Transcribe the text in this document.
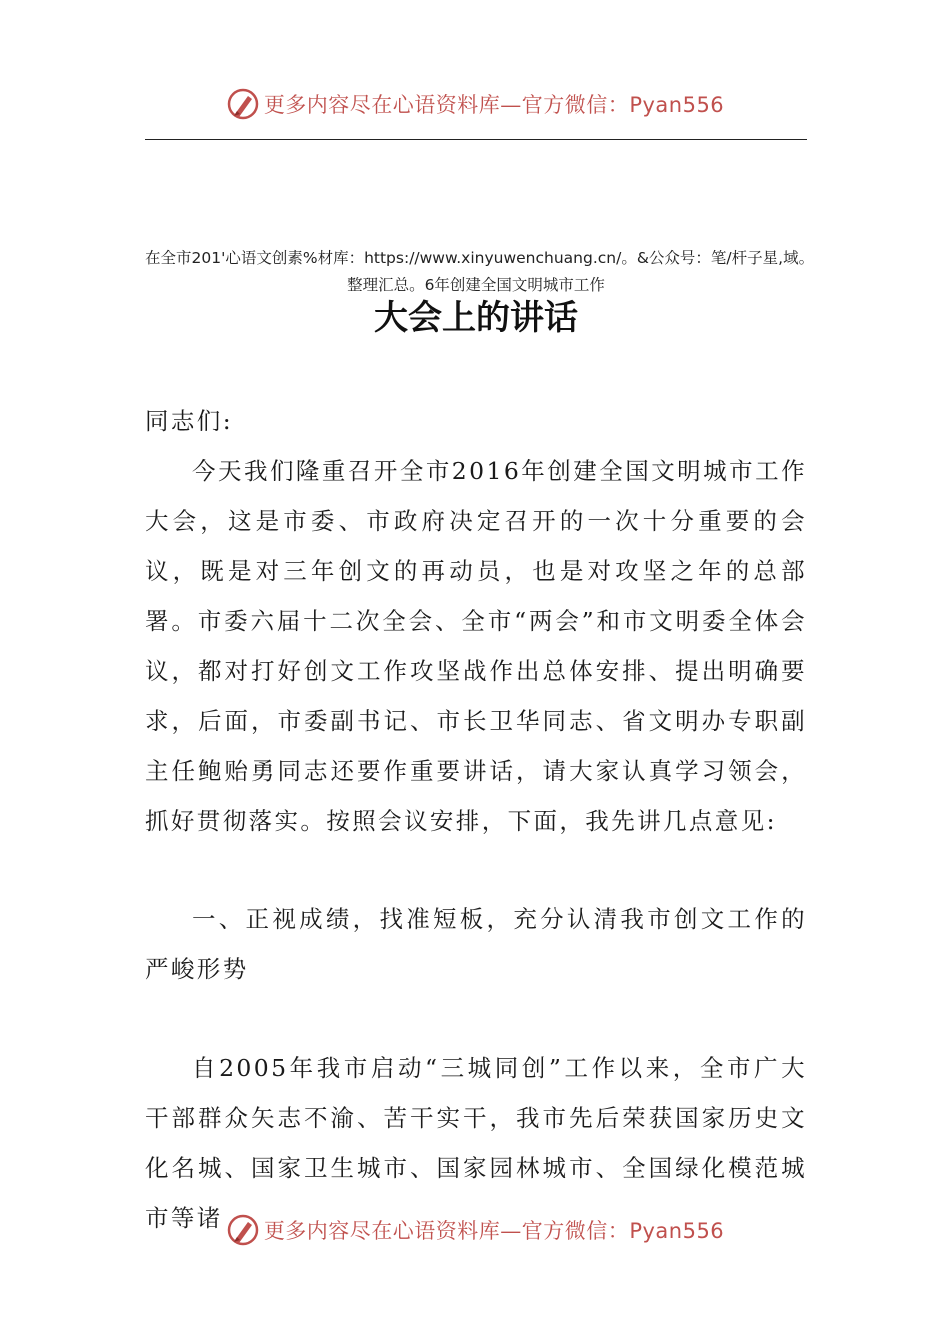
更多内容尽在心语资料库—官方微信：Pyan556
在全市201'心语文创素%材库：https://www.xinyuwenchuang.cn/。&公众号：笔/杆子星,域。
整理汇总。6年创建全国文明城市工作
大会上的讲话
同志们:
今天我们隆重召开全市2016年创建全国文明城市工作大会，这是市委、市政府决定召开的一次十分重要的会议，既是对三年创文的再动员，也是对攻坚之年的总部署。市委六届十二次全会、全市“两会”和市文明委全体会议，都对打好创文工作攻坚战作出总体安排、提出明确要求，后面，市委副书记、市长卫华同志、省文明办专职副主任鲍贻勇同志还要作重要讲话，请大家认真学习领会，抓好贯彻落实。按照会议安排，下面，我先讲几点意见:
一、正视成绩，找准短板，充分认清我市创文工作的严峻形势
自2005年我市启动“三城同创”工作以来，全市广大干部群众矢志不渝、苦干实干，我市先后荣获国家历史文化名城、国家卫生城市、国家园林城市、全国绿化模范城市等诸	更多内容尽在心语资料库—官方微信：Pyan556
